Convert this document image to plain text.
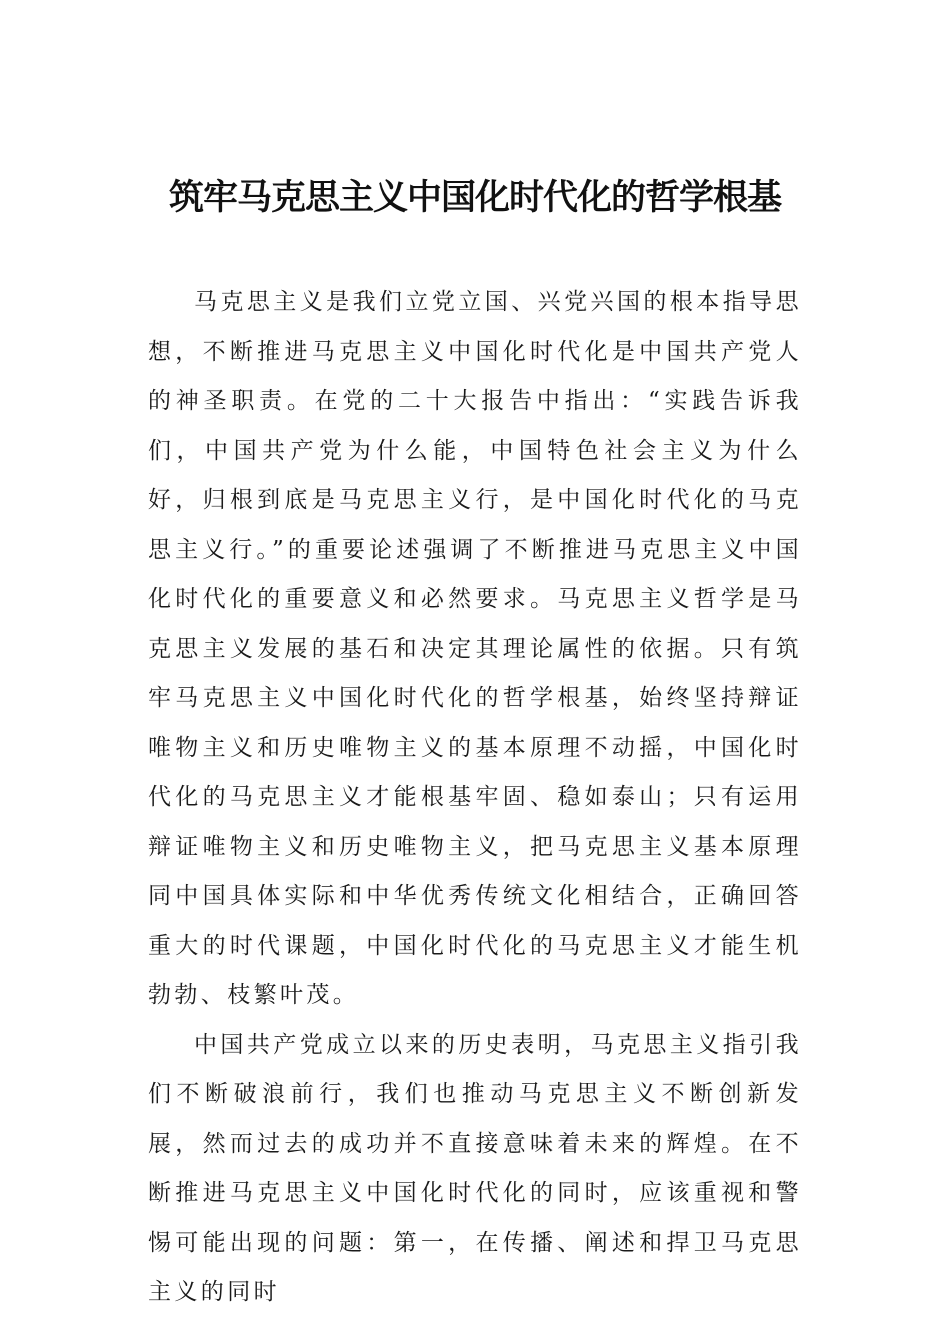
筑牢马克思主义中国化时代化的哲学根基

马克思主义是我们立党立国、兴党兴国的根本指导思想，不断推进马克思主义中国化时代化是中国共产党人的神圣职责。在党的二十大报告中指出：“实践告诉我们，中国共产党为什么能，中国特色社会主义为什么好，归根到底是马克思主义行，是中国化时代化的马克思主义行。”的重要论述强调了不断推进马克思主义中国化时代化的重要意义和必然要求。马克思主义哲学是马克思主义发展的基石和决定其理论属性的依据。只有筑牢马克思主义中国化时代化的哲学根基，始终坚持辩证唯物主义和历史唯物主义的基本原理不动摇，中国化时代化的马克思主义才能根基牢固、稳如泰山；只有运用辩证唯物主义和历史唯物主义，把马克思主义基本原理同中国具体实际和中华优秀传统文化相结合，正确回答重大的时代课题，中国化时代化的马克思主义才能生机勃勃、枝繁叶茂。

中国共产党成立以来的历史表明，马克思主义指引我们不断破浪前行，我们也推动马克思主义不断创新发展，然而过去的成功并不直接意味着未来的辉煌。在不断推进马克思主义中国化时代化的同时，应该重视和警惕可能出现的问题：第一，在传播、阐述和捍卫马克思主义的同时
